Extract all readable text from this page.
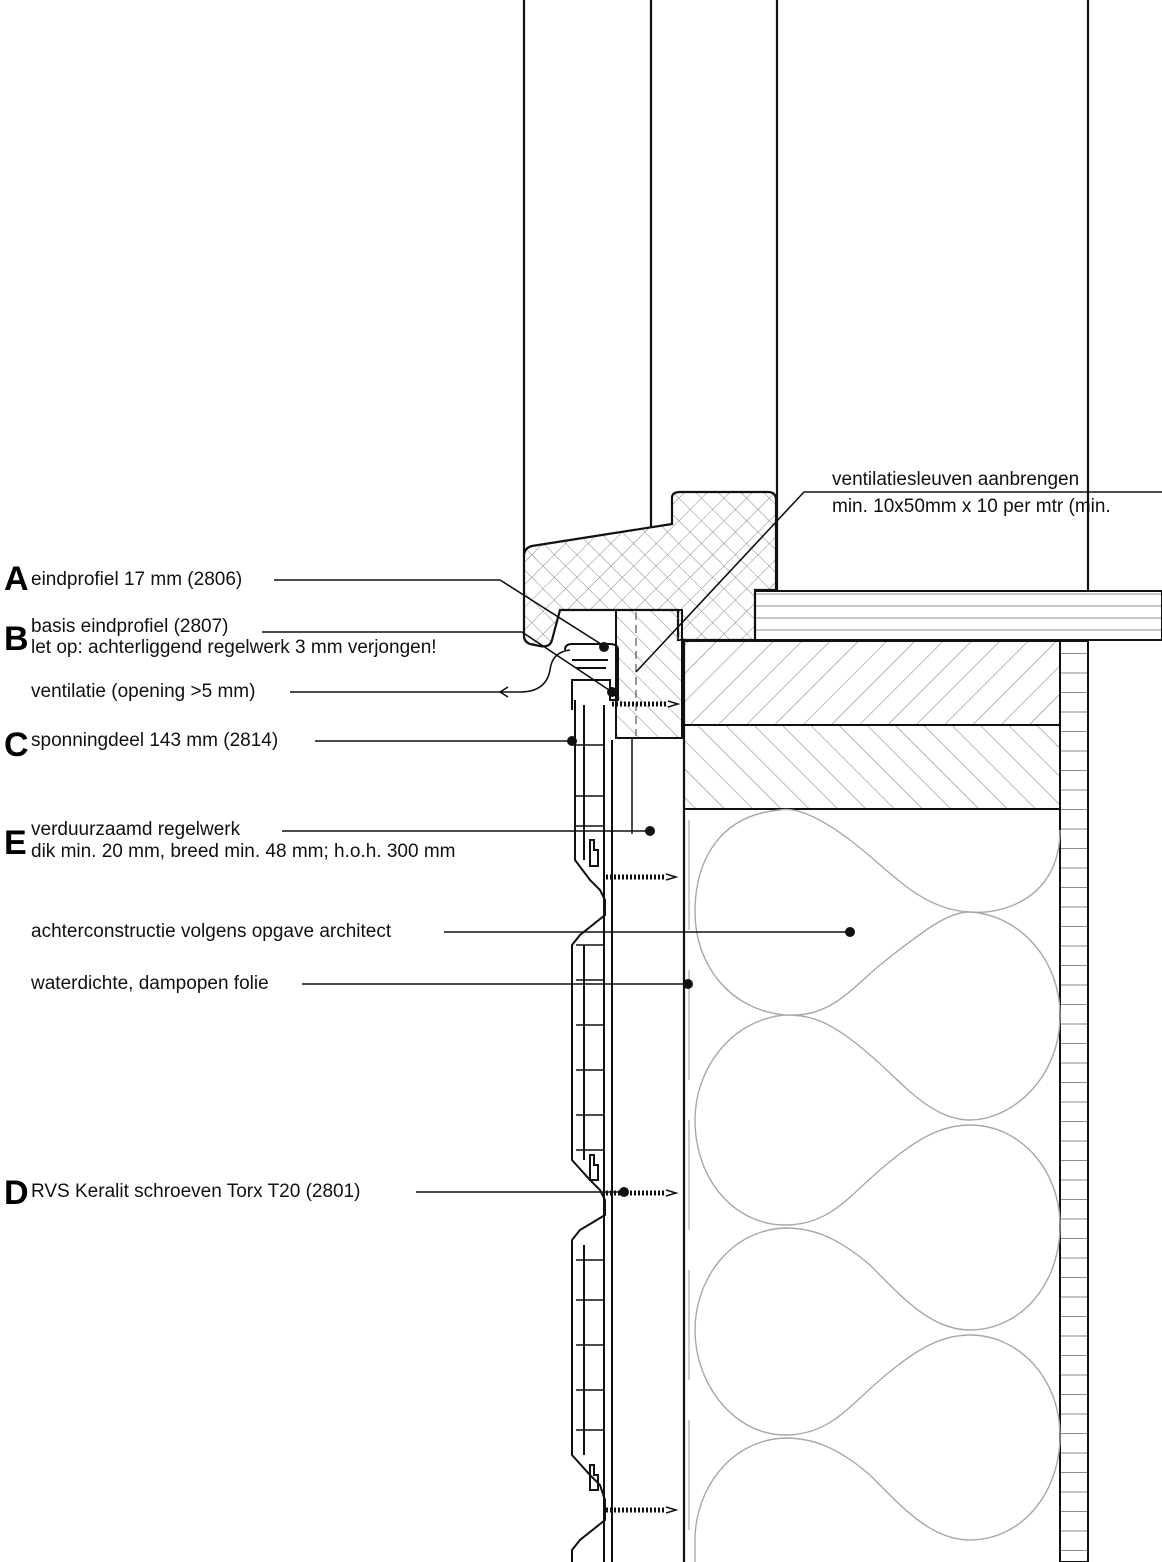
A
B
C
E
D
eindprofiel 17 mm (2806)
basis eindprofiel (2807)
let op: achterliggend regelwerk 3 mm verjongen!
ventilatie (opening >5 mm)
sponningdeel 143 mm (2814)
verduurzaamd regelwerk
dik min. 20 mm, breed min. 48 mm; h.o.h. 300 mm
achterconstructie volgens opgave architect
waterdichte, dampopen folie
RVS Keralit schroeven Torx T20 (2801)
ventilatiesleuven aanbrengen
min. 10x50mm x 10 per mtr (min.
